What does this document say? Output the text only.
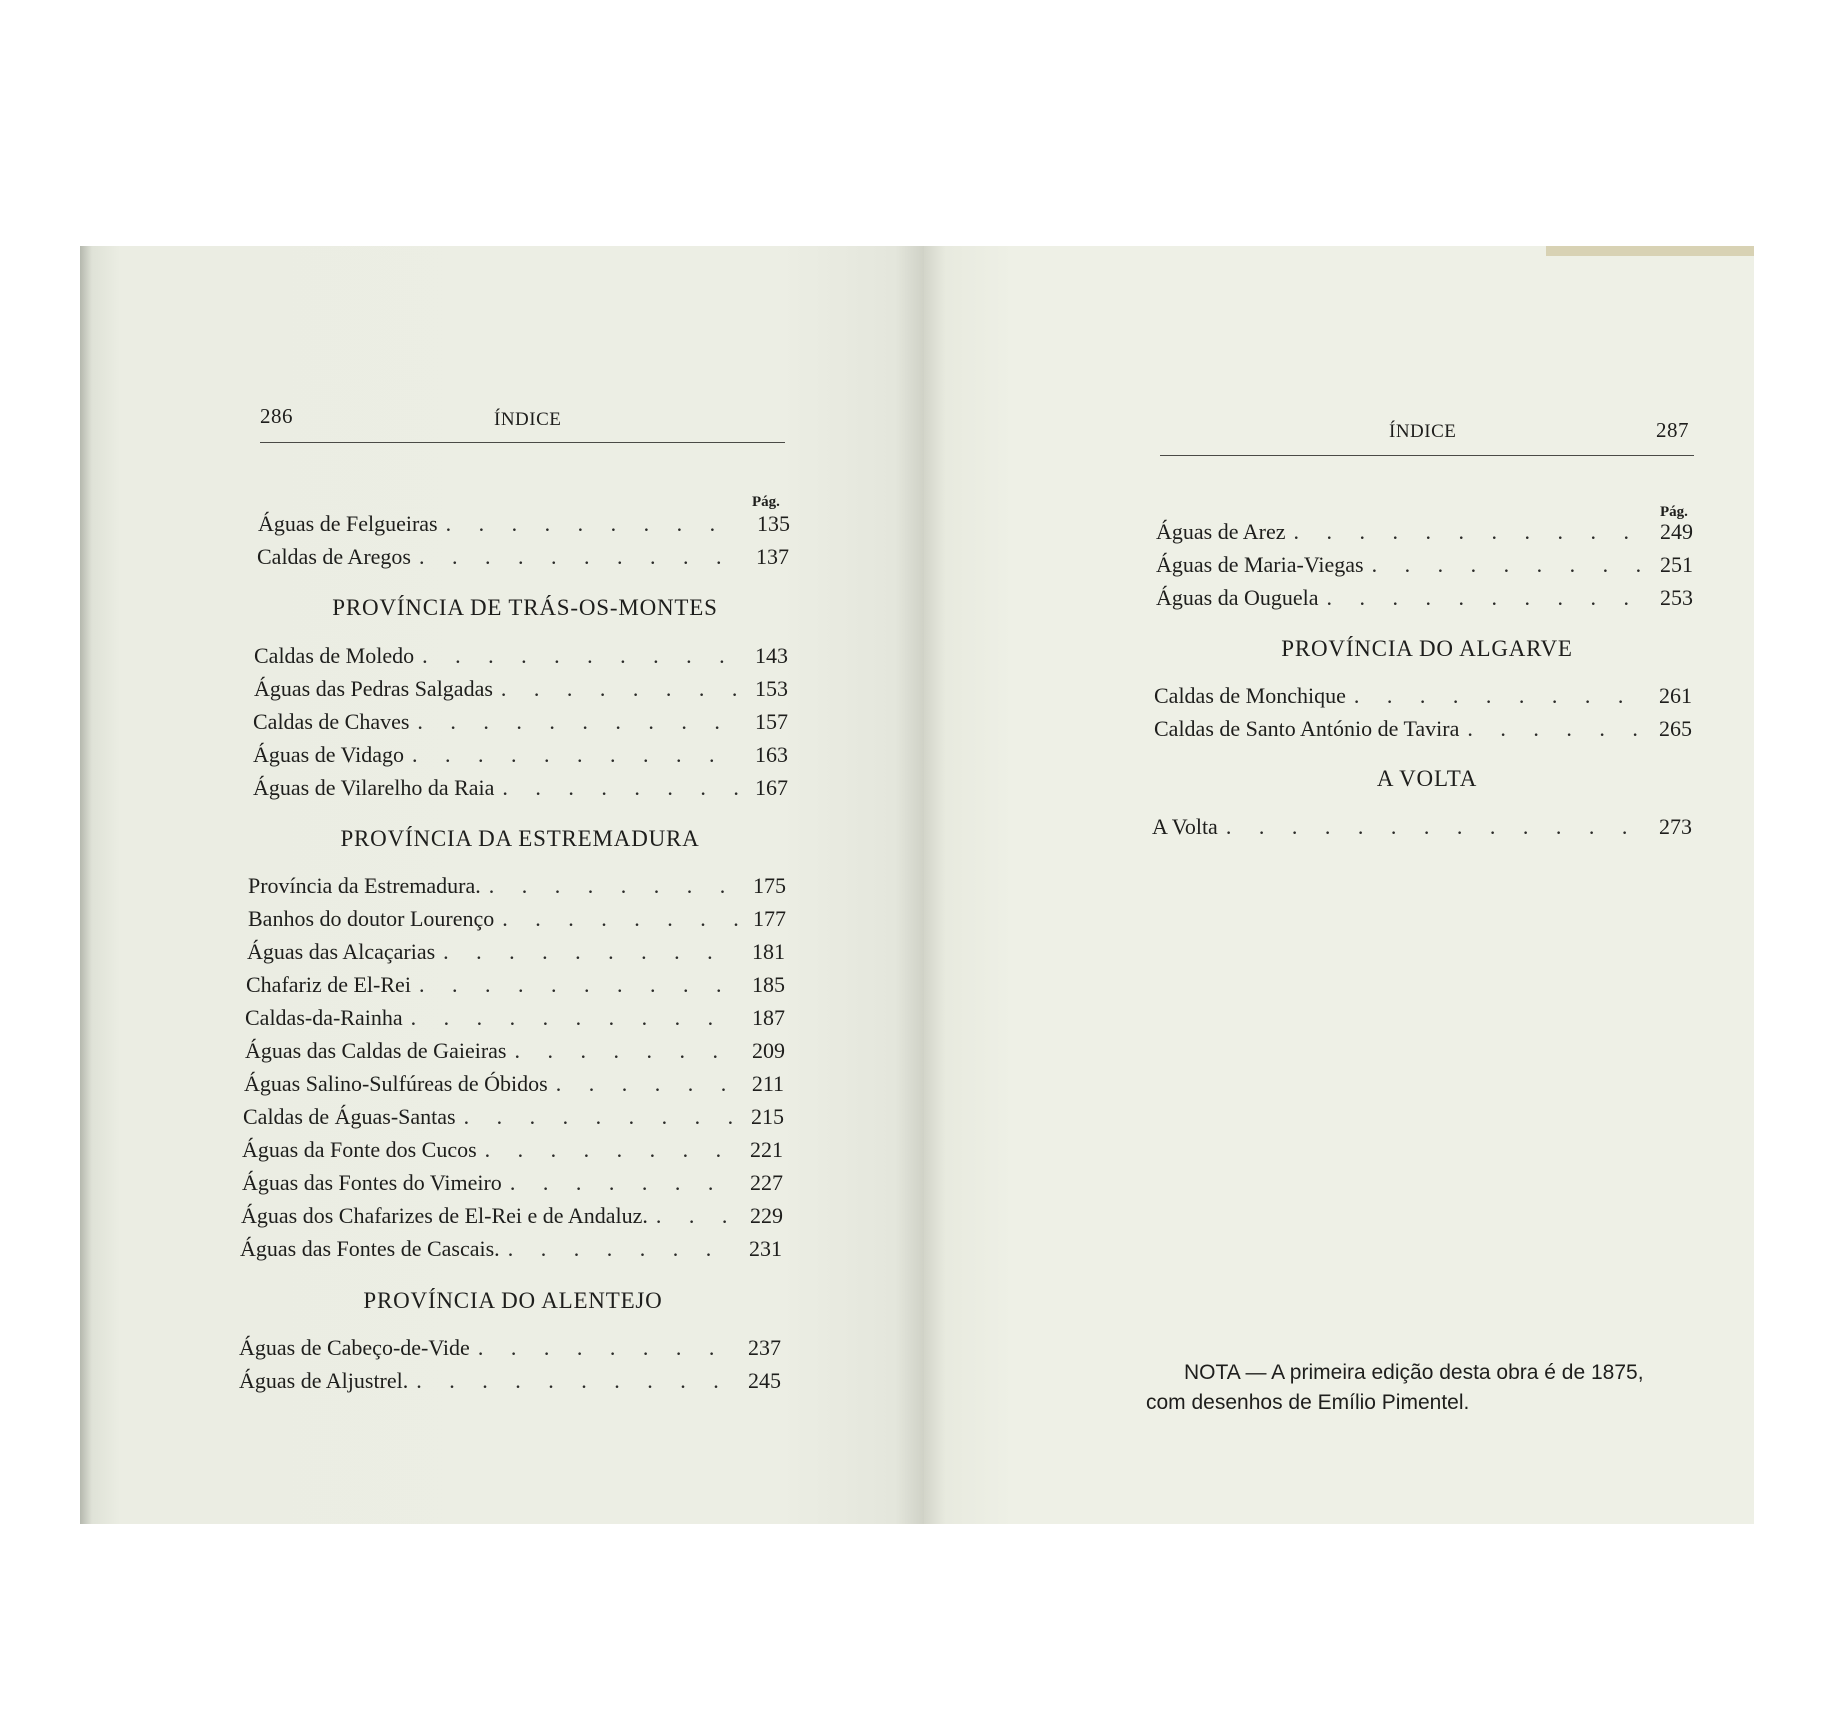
286	ÍNDICE
Pág.
Águas de Felgueiras . . .	135
Caldas de Aregos . . .	137
PROVÍNCIA DE TRÁS-OS-MONTES
Caldas de Moledo . . .	143
Águas das Pedras Salgadas . . .	153
Caldas de Chaves . . .	157
Águas de Vidago . . .	163
Águas de Vilarelho da Raia . . .	167
PROVÍNCIA DA ESTREMADURA
Província da Estremadura. . . .	175
Banhos do doutor Lourenço . . .	177
Águas das Alcaçarias . . .	181
Chafariz de El-Rei . . .	185
Caldas-da-Rainha . . .	187
Águas das Caldas de Gaieiras . . .	209
Águas Salino-Sulfúreas de Óbidos . . .	211
Caldas de Águas-Santas . . .	215
Águas da Fonte dos Cucos . . .	221
Águas das Fontes do Vimeiro . . .	227
Águas dos Chafarizes de El-Rei e de Andaluz. . . .	229
Águas das Fontes de Cascais. . . .	231
PROVÍNCIA DO ALENTEJO
Águas de Cabeço-de-Vide . . .	237
Águas de Aljustrel. . . .	245
ÍNDICE	287
Pág.
Águas de Arez . . .	249
Águas de Maria-Viegas . . .	251
Águas da Ouguela . . .	253
PROVÍNCIA DO ALGARVE
Caldas de Monchique . . .	261
Caldas de Santo António de Tavira . . .	265
A VOLTA
A Volta . . .	273
NOTA — A primeira edição desta obra é de 1875,
com desenhos de Emílio Pimentel.
